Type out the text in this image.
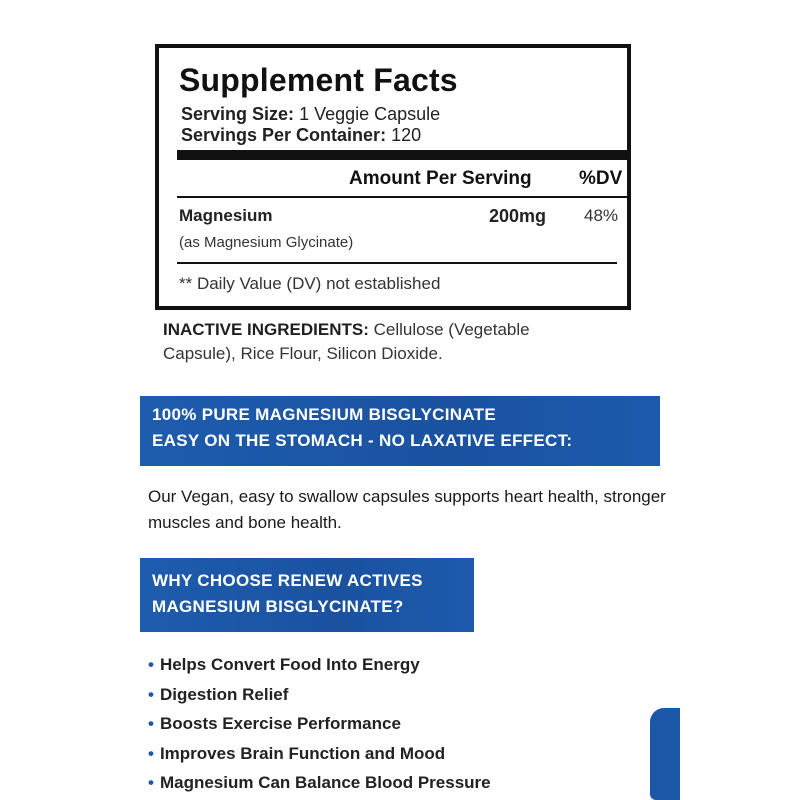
Supplement Facts
Serving Size: 1 Veggie Capsule
Servings Per Container: 120
Amount Per Serving %DV
Magnesium
(as Magnesium Glycinate)
200mg 48%
** Daily Value (DV) not established
INACTIVE INGREDIENTS: Cellulose (Vegetable Capsule), Rice Flour, Silicon Dioxide.
100% PURE MAGNESIUM BISGLYCINATE
EASY ON THE STOMACH - NO LAXATIVE EFFECT:
Our Vegan, easy to swallow capsules supports heart health, stronger muscles and bone health.
WHY CHOOSE RENEW ACTIVES
MAGNESIUM BISGLYCINATE?
• Helps Convert Food Into Energy
• Digestion Relief
• Boosts Exercise Performance
• Improves Brain Function and Mood
• Magnesium Can Balance Blood Pressure
